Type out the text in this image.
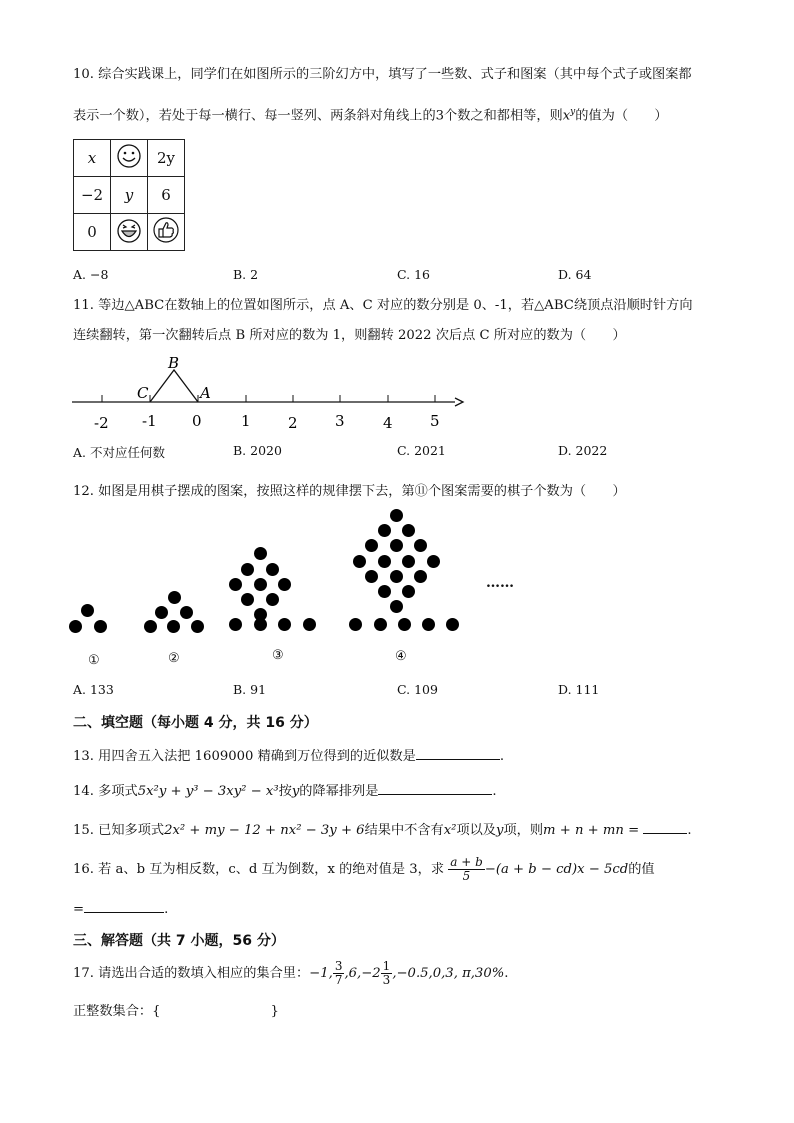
10. 综合实践课上，同学们在如图所示的三阶幻方中，填写了一些数、式子和图案（其中每个式子或图案都
表示一个数），若处于每一横行、每一竖列、两条斜对角线上的3个数之和都相等，则$x^y$的值为（　　）
x		2y
−2	y	6
0		
A. −8	B. 2	C. 16	D. 64
11. 等边△ABC在数轴上的位置如图所示，点 A、C 对应的数分别是 0、-1，若△ABC绕顶点沿顺时针方向
连续翻转，第一次翻转后点 B 所对应的数为 1，则翻转 2022 次后点 C 所对应的数为（　　）
B
C	A
-2 -1 0	1 2 3	4 5
A. 不对应任何数	B. 2020	C. 2021	D. 2022
12. 如图是用棋子摆成的图案，按照这样的规律摆下去，第⑪个图案需要的棋子个数为（　　）
①	②	③	④
……
A. 133	B. 91	C. 109	D. 111
二、填空题（每小题 4 分，共 16 分）
13. 用四舍五入法把 1609000 精确到万位得到的近似数是	.
14. 多项式5x²y + y³ − 3xy² − x³按y的降幂排列是	.
15. 已知多项式2x² + my − 12 + nx² − 3y + 6结果中不含有x²项以及y项，则m + n + mn =	.
16. 若 a、b 互为相反数，c、d 互为倒数，x 的绝对值是 3，求 $\frac{a + b}{5} -(a + b - cd)x - 5cd$的值
=	.
三、解答题（共 7 小题，56 分）
17. 请选出合适的数填入相应的集合里：−1, $\frac{3}{7} ,6,-2 \frac{1}{3} ,-0.5,0,3$, π,30%.
正整数集合：{	}
